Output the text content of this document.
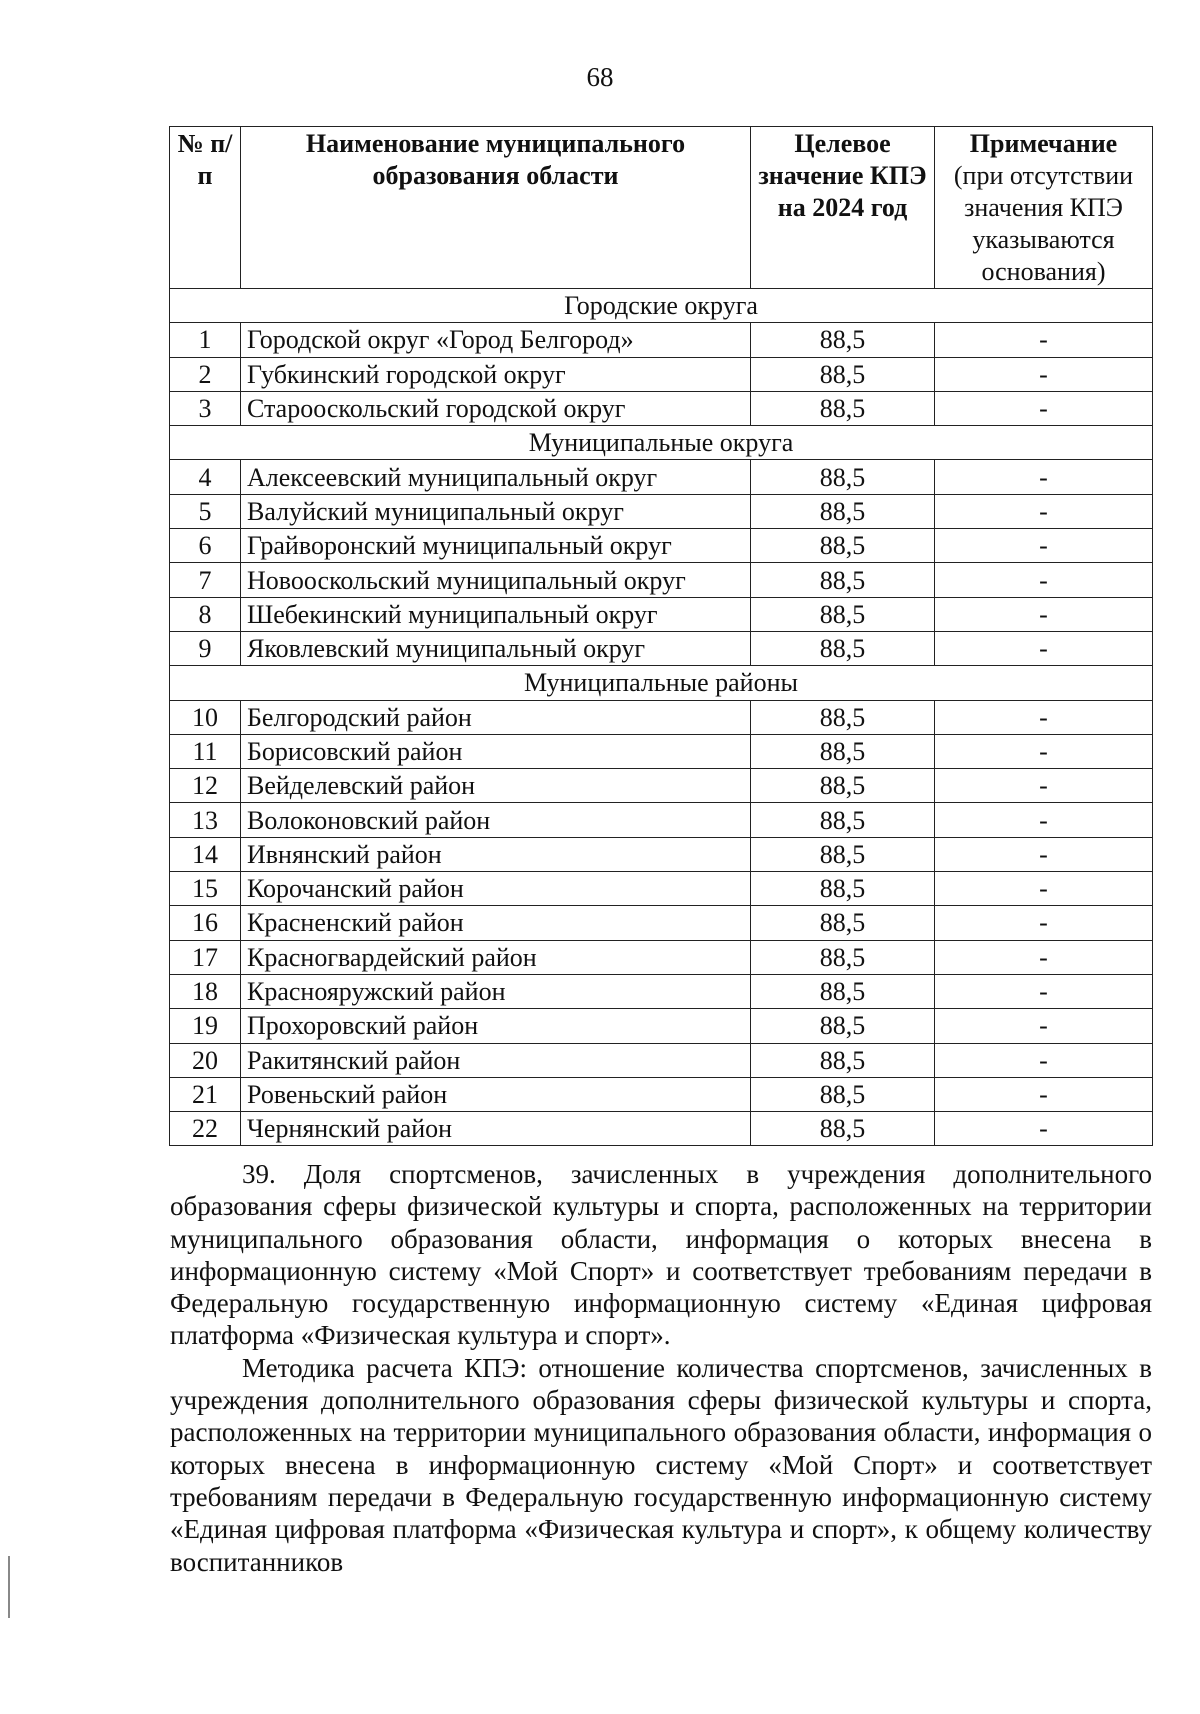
68
№ п/п	Наименование муниципального образования области	Целевое значение КПЭ на 2024 год	Примечание
(при отсутствии значения КПЭ указываются основания)
Городские округа			
1	Городской округ «Город Белгород»	88,5	-
2	Губкинский городской округ	88,5	-
3	Старооскольский городской округ	88,5	-
Муниципальные округа			
4	Алексеевский муниципальный округ	88,5	-
5	Валуйский муниципальный округ	88,5	-
6	Грайворонский муниципальный округ	88,5	-
7	Новооскольский муниципальный округ	88,5	-
8	Шебекинский муниципальный округ	88,5	-
9	Яковлевский муниципальный округ	88,5	-
Муниципальные районы			
10	Белгородский район	88,5	-
11	Борисовский район	88,5	-
12	Вейделевский район	88,5	-
13	Волоконовский район	88,5	-
14	Ивнянский район	88,5	-
15	Корочанский район	88,5	-
16	Красненский район	88,5	-
17	Красногвардейский район	88,5	-
18	Краснояружский район	88,5	-
19	Прохоровский район	88,5	-
20	Ракитянский район	88,5	-
21	Ровеньский район	88,5	-
22	Чернянский район	88,5	-

39. Доля спортсменов, зачисленных в учреждения дополнительного образования сферы физической культуры и спорта, расположенных на территории муниципального образования области, информация о которых внесена в информационную систему «Мой Спорт» и соответствует требованиям передачи в Федеральную государственную информационную систему «Единая цифровая платформа «Физическая культура и спорт».

Методика расчета КПЭ: отношение количества спортсменов, зачисленных в учреждения дополнительного образования сферы физической культуры и спорта, расположенных на территории муниципального образования области, информация о которых внесена в информационную систему «Мой Спорт» и соответствует требованиям передачи в Федеральную государственную информационную систему «Единая цифровая платформа «Физическая культура и спорт», к общему количеству воспитанников
